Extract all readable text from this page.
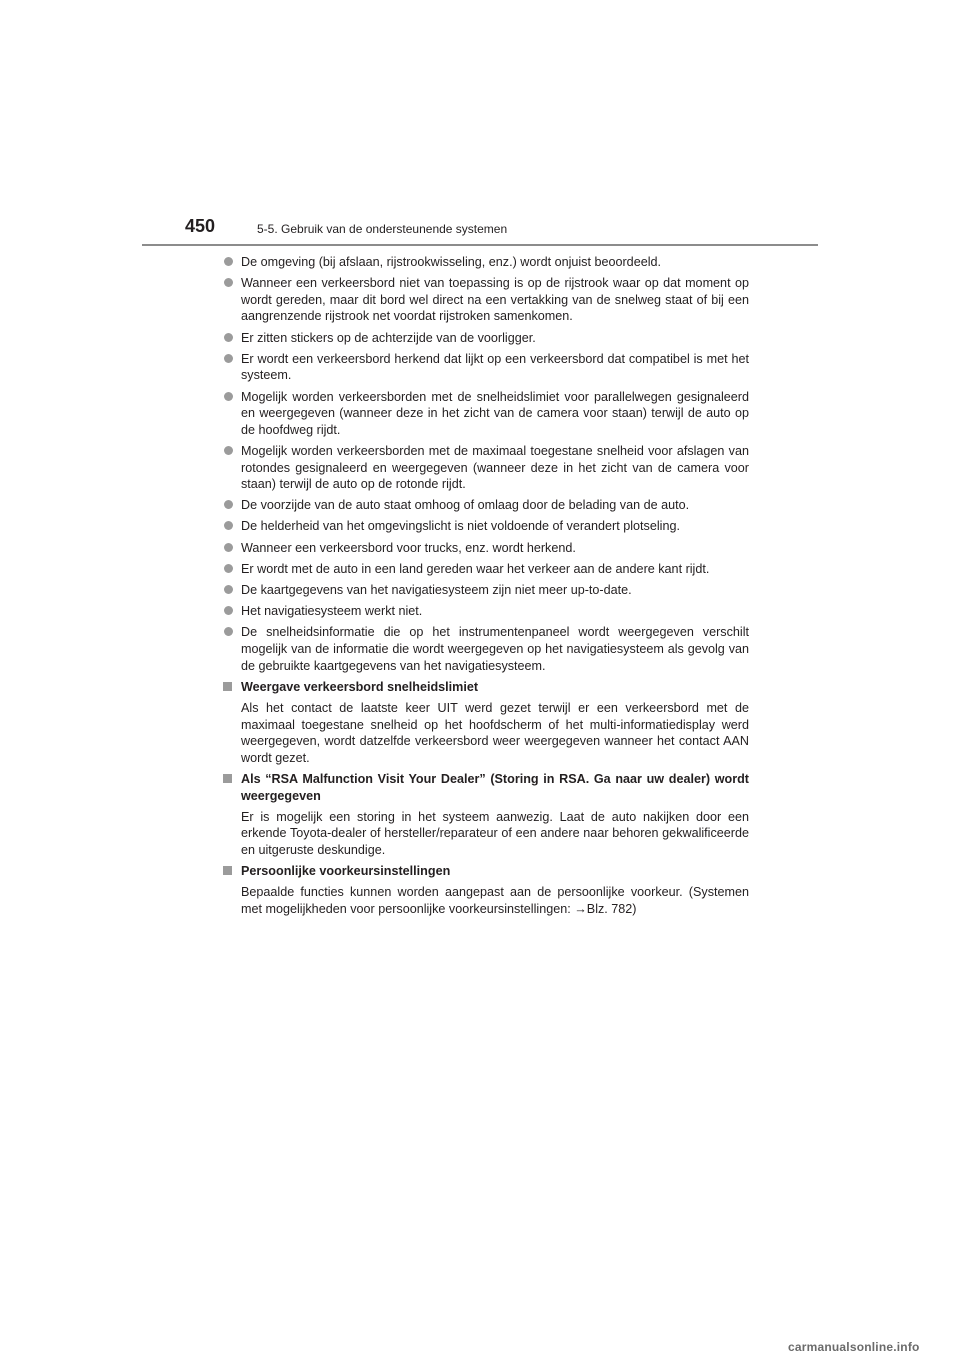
450	5-5. Gebruik van de ondersteunende systemen
De omgeving (bij afslaan, rijstrookwisseling, enz.) wordt onjuist beoordeeld.
Wanneer een verkeersbord niet van toepassing is op de rijstrook waar op dat moment op wordt gereden, maar dit bord wel direct na een vertakking van de snelweg staat of bij een aangrenzende rijstrook net voordat rijstroken samenkomen.
Er zitten stickers op de achterzijde van de voorligger.
Er wordt een verkeersbord herkend dat lijkt op een verkeersbord dat compatibel is met het systeem.
Mogelijk worden verkeersborden met de snelheidslimiet voor parallelwegen gesignaleerd en weergegeven (wanneer deze in het zicht van de camera voor staan) terwijl de auto op de hoofdweg rijdt.
Mogelijk worden verkeersborden met de maximaal toegestane snelheid voor afslagen van rotondes gesignaleerd en weergegeven (wanneer deze in het zicht van de camera voor staan) terwijl de auto op de rotonde rijdt.
De voorzijde van de auto staat omhoog of omlaag door de belading van de auto.
De helderheid van het omgevingslicht is niet voldoende of verandert plotseling.
Wanneer een verkeersbord voor trucks, enz. wordt herkend.
Er wordt met de auto in een land gereden waar het verkeer aan de andere kant rijdt.
De kaartgegevens van het navigatiesysteem zijn niet meer up-to-date.
Het navigatiesysteem werkt niet.
De snelheidsinformatie die op het instrumentenpaneel wordt weergegeven verschilt mogelijk van de informatie die wordt weergegeven op het navigatiesysteem als gevolg van de gebruikte kaartgegevens van het navigatiesysteem.
Weergave verkeersbord snelheidslimiet
Als het contact de laatste keer UIT werd gezet terwijl er een verkeersbord met de maximaal toegestane snelheid op het hoofdscherm of het multi-informatiedisplay werd weergegeven, wordt datzelfde verkeersbord weer weergegeven wanneer het contact AAN wordt gezet.
Als “RSA Malfunction Visit Your Dealer” (Storing in RSA. Ga naar uw dealer) wordt weergegeven
Er is mogelijk een storing in het systeem aanwezig. Laat de auto nakijken door een erkende Toyota-dealer of hersteller/reparateur of een andere naar behoren gekwalificeerde en uitgeruste deskundige.
Persoonlijke voorkeursinstellingen
Bepaalde functies kunnen worden aangepast aan de persoonlijke voorkeur. (Systemen met mogelijkheden voor persoonlijke voorkeursinstellingen: →Blz. 782)
carmanualsonline.info
